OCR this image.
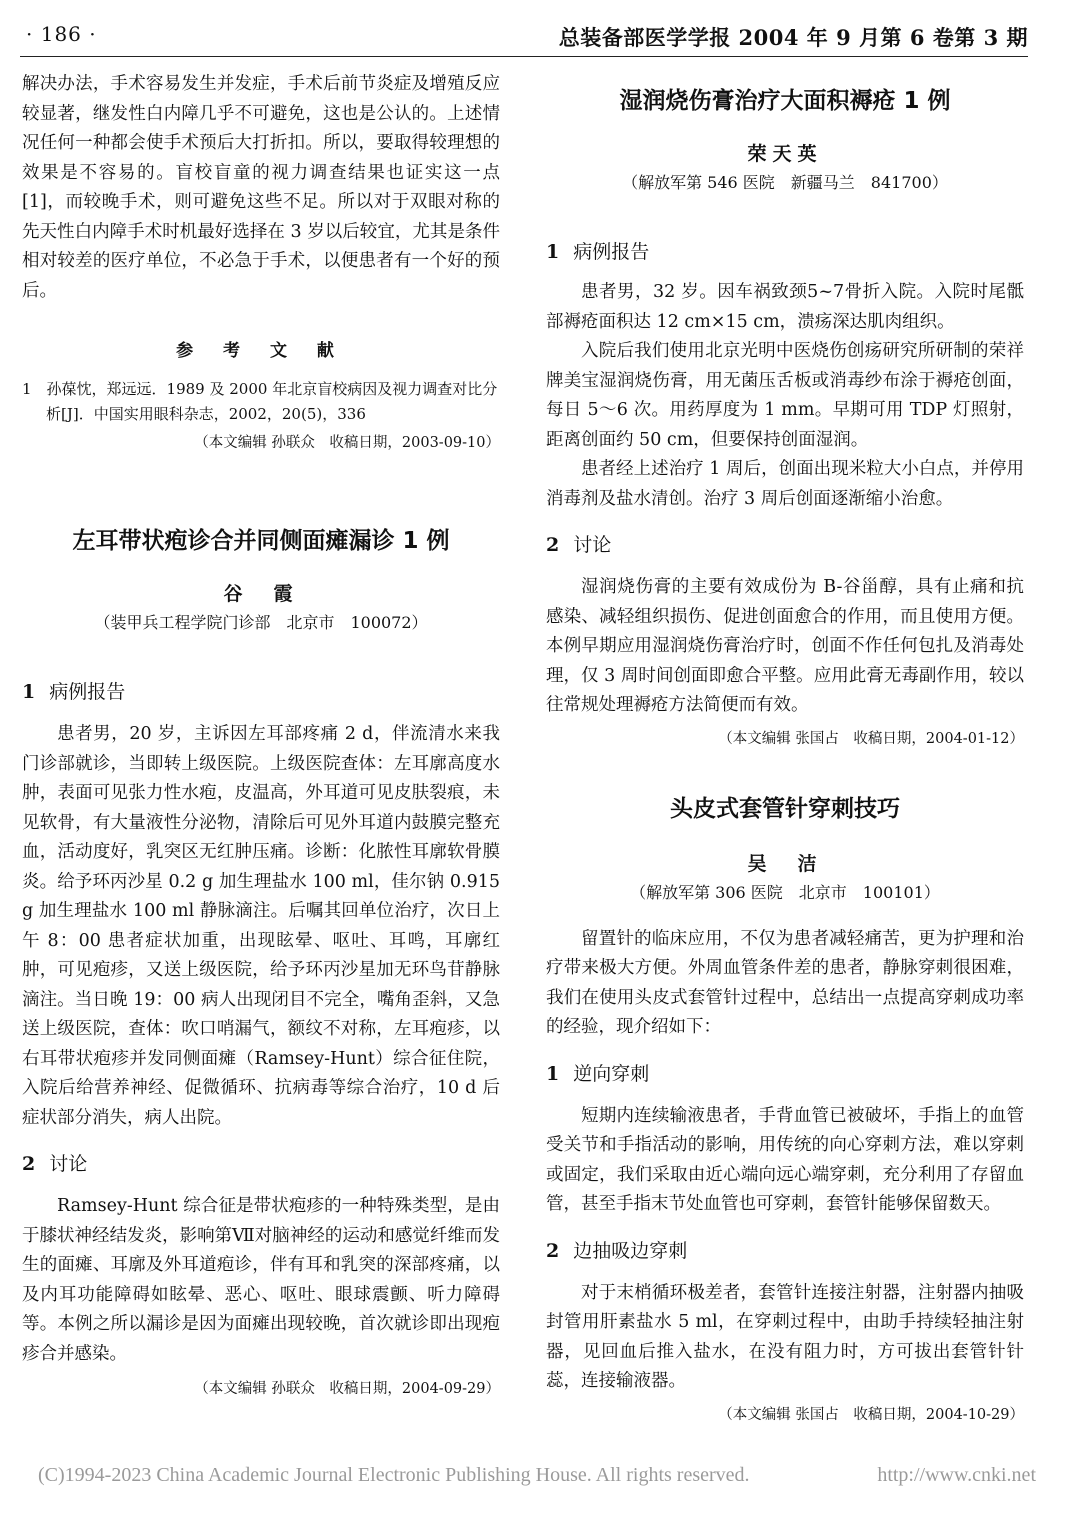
· 186 ·	总装备部医学学报 2004 年 9 月第 6 卷第 3 期

解决办法，手术容易发生并发症，手术后前节炎症及增殖反应较显著，继发性白内障几乎不可避免，这也是公认的。上述情况任何一种都会使手术预后大打折扣。所以，要取得较理想的效果是不容易的。盲校盲童的视力调查结果也证实这一点[1]，而较晚手术，则可避免这些不足。所以对于双眼对称的先天性白内障手术时机最好选择在 3 岁以后较宜，尤其是条件相对较差的医疗单位，不必急于手术，以便患者有一个好的预后。

参 考 文 献

1　孙葆忱，郑远远．1989 及 2000 年北京盲校病因及视力调查对比分析[J]．中国实用眼科杂志，2002，20(5)，336

（本文编辑 孙联众　收稿日期，2003-09-10）

左耳带状疱诊合并同侧面瘫漏诊 1 例

谷　霞

（装甲兵工程学院门诊部　北京市　100072）

1 病例报告

患者男，20 岁，主诉因左耳部疼痛 2 d，伴流清水来我门诊部就诊，当即转上级医院。上级医院查体：左耳廓高度水肿，表面可见张力性水疱，皮温高，外耳道可见皮肤裂痕，未见软骨，有大量液性分泌物，清除后可见外耳道内鼓膜完整充血，活动度好，乳突区无红肿压痛。诊断：化脓性耳廓软骨膜炎。给予环丙沙星 0.2 g 加生理盐水 100 ml，佳尔钠 0.915 g 加生理盐水 100 ml 静脉滴注。后嘱其回单位治疗，次日上午 8：00 患者症状加重，出现眩晕、呕吐、耳鸣，耳廓红肿，可见疱疹，又送上级医院，给予环丙沙星加无环鸟苷静脉滴注。当日晚 19：00 病人出现闭目不完全，嘴角歪斜，又急送上级医院，查体：吹口哨漏气，额纹不对称，左耳疱疹，以右耳带状疱疹并发同侧面瘫（Ramsey-Hunt）综合征住院，入院后给营养神经、促微循环、抗病毒等综合治疗，10 d 后症状部分消失，病人出院。

2 讨论

Ramsey-Hunt 综合征是带状疱疹的一种特殊类型，是由于膝状神经结发炎，影响第Ⅶ对脑神经的运动和感觉纤维而发生的面瘫、耳廓及外耳道疱诊，伴有耳和乳突的深部疼痛，以及内耳功能障碍如眩晕、恶心、呕吐、眼球震颤、听力障碍等。本例之所以漏诊是因为面瘫出现较晚，首次就诊即出现疱疹合并感染。

（本文编辑 孙联众　收稿日期，2004-09-29）

湿润烧伤膏治疗大面积褥疮 1 例

荣天英

（解放军第 546 医院　新疆马兰　841700）

1 病例报告

患者男，32 岁。因车祸致颈5~7骨折入院。入院时尾骶部褥疮面积达 12 cm×15 cm，溃疡深达肌肉组织。

入院后我们使用北京光明中医烧伤创疡研究所研制的荣祥牌美宝湿润烧伤膏，用无菌压舌板或消毒纱布涂于褥疮创面，每日 5～6 次。用药厚度为 1 mm。早期可用 TDP 灯照射，距离创面约 50 cm，但要保持创面湿润。

患者经上述治疗 1 周后，创面出现米粒大小白点，并停用消毒剂及盐水清创。治疗 3 周后创面逐渐缩小治愈。

2 讨论

湿润烧伤膏的主要有效成份为 B-谷甾醇，具有止痛和抗感染、减轻组织损伤、促进创面愈合的作用，而且使用方便。本例早期应用湿润烧伤膏治疗时，创面不作任何包扎及消毒处理，仅 3 周时间创面即愈合平整。应用此膏无毒副作用，较以往常规处理褥疮方法简便而有效。

（本文编辑 张国占　收稿日期，2004-01-12）

头皮式套管针穿刺技巧

吴　洁

（解放军第 306 医院　北京市　100101）

留置针的临床应用，不仅为患者减轻痛苦，更为护理和治疗带来极大方便。外周血管条件差的患者，静脉穿刺很困难，我们在使用头皮式套管针过程中，总结出一点提高穿刺成功率的经验，现介绍如下：

1 逆向穿刺

短期内连续输液患者，手背血管已被破坏，手指上的血管受关节和手指活动的影响，用传统的向心穿刺方法，难以穿刺或固定，我们采取由近心端向远心端穿刺，充分利用了存留血管，甚至手指末节处血管也可穿刺，套管针能够保留数天。

2 边抽吸边穿刺

对于末梢循环极差者，套管针连接注射器，注射器内抽吸封管用肝素盐水 5 ml，在穿刺过程中，由助手持续轻抽注射器，见回血后推入盐水，在没有阻力时，方可拔出套管针针蕊，连接输液器。

（本文编辑 张国占　收稿日期，2004-10-29）

(C)1994-2023 China Academic Journal Electronic Publishing House. All rights reserved.	http://www.cnki.net
